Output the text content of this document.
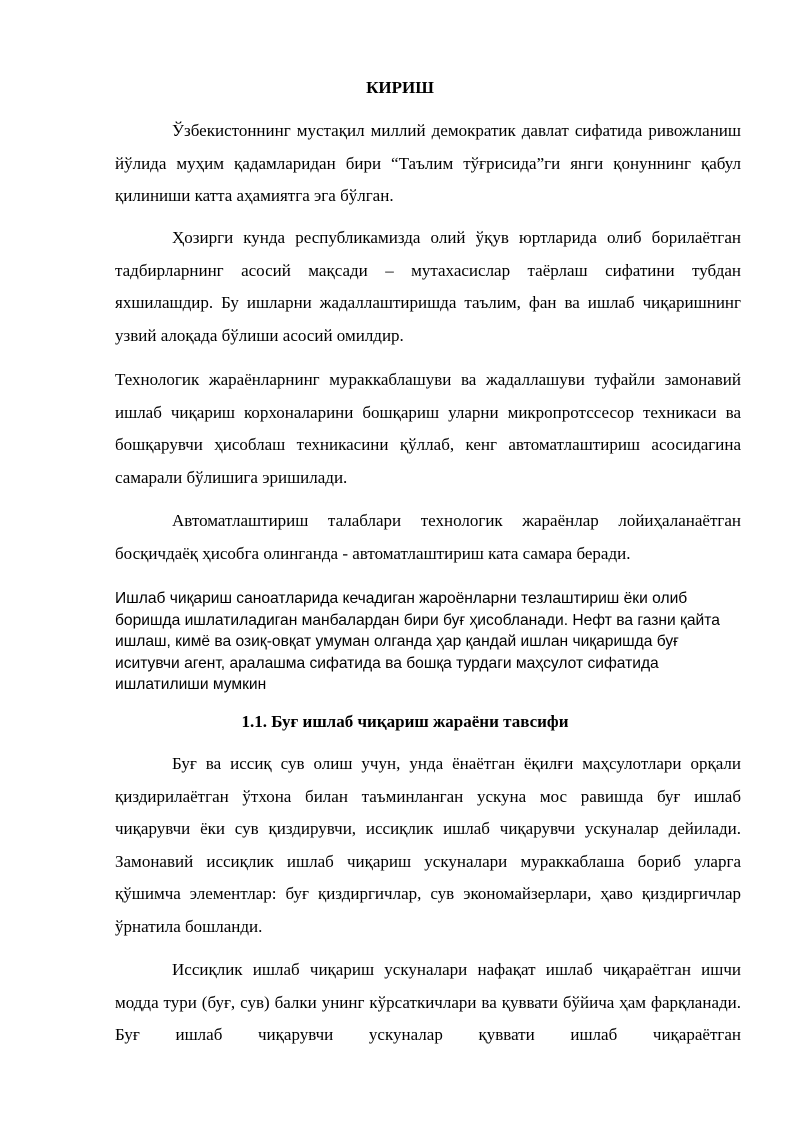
КИРИШ

Ўзбекистоннинг мустақил миллий демократик давлат сифатида ривожланиш йўлида муҳим қадамларидан бири “Таълим тўғрисида”ги янги қонуннинг қабул қилиниши катта аҳамиятга эга бўлган.

Ҳозирги кунда республикамизда олий ўқув юртларида олиб борилаётган тадбирларнинг асосий мақсади – мутахасислар таёрлаш сифатини тубдан яхшилашдир. Бу ишларни жадаллаштиришда таълим, фан ва ишлаб чиқаришнинг узвий алоқада бўлиши асосий омилдир.

Технологик жараёнларнинг мураккаблашуви ва жадаллашуви туфайли замонавий ишлаб чиқариш корхоналарини бошқариш уларни микропротссесор техникаси ва бошқарувчи ҳисоблаш техникасини қўллаб, кенг автоматлаштириш асосидагина самарали бўлишига эришилади.

Автоматлаштириш талаблари технологик жараёнлар лойиҳаланаётган босқичдаёқ ҳисобга олинганда - автоматлаштириш ката самара беради.

Ишлаб чиқариш саноатларида кечадиган жароёнларни тезлаштириш ёки олиб боришда ишлатиладиган манбалардан бири буғ ҳисобланади. Нефт ва газни қайта ишлаш, кимё ва озиқ-овқат умуман олганда ҳар қандай ишлан чиқаришда буғ иситувчи агент, аралашма сифатида ва бошқа турдаги маҳсулот сифатида ишлатилиши мумкин

1.1. Буғ ишлаб чиқариш жараёни тавсифи

Буғ ва иссиқ сув олиш учун, унда ёнаётган ёқилғи маҳсулотлари орқали қиздирилаётган ўтхона билан таъминланган ускуна мос равишда буғ ишлаб чиқарувчи ёки сув қиздирувчи, иссиқлик ишлаб чиқарувчи ускуналар дейилади. Замонавий иссиқлик ишлаб чиқариш ускуналари мураккаблаша бориб уларга қўшимча элементлар: буғ қиздиргичлар, сув экономайзерлари, ҳаво қиздиргичлар ўрнатила бошланди.

Иссиқлик ишлаб чиқариш ускуналари нафақат ишлаб чиқараётган ишчи модда тури (буғ, сув) балки унинг кўрсаткичлари ва қуввати бўйича ҳам фарқланади. Буғ ишлаб чиқарувчи ускуналар қуввати ишлаб чиқараётган
